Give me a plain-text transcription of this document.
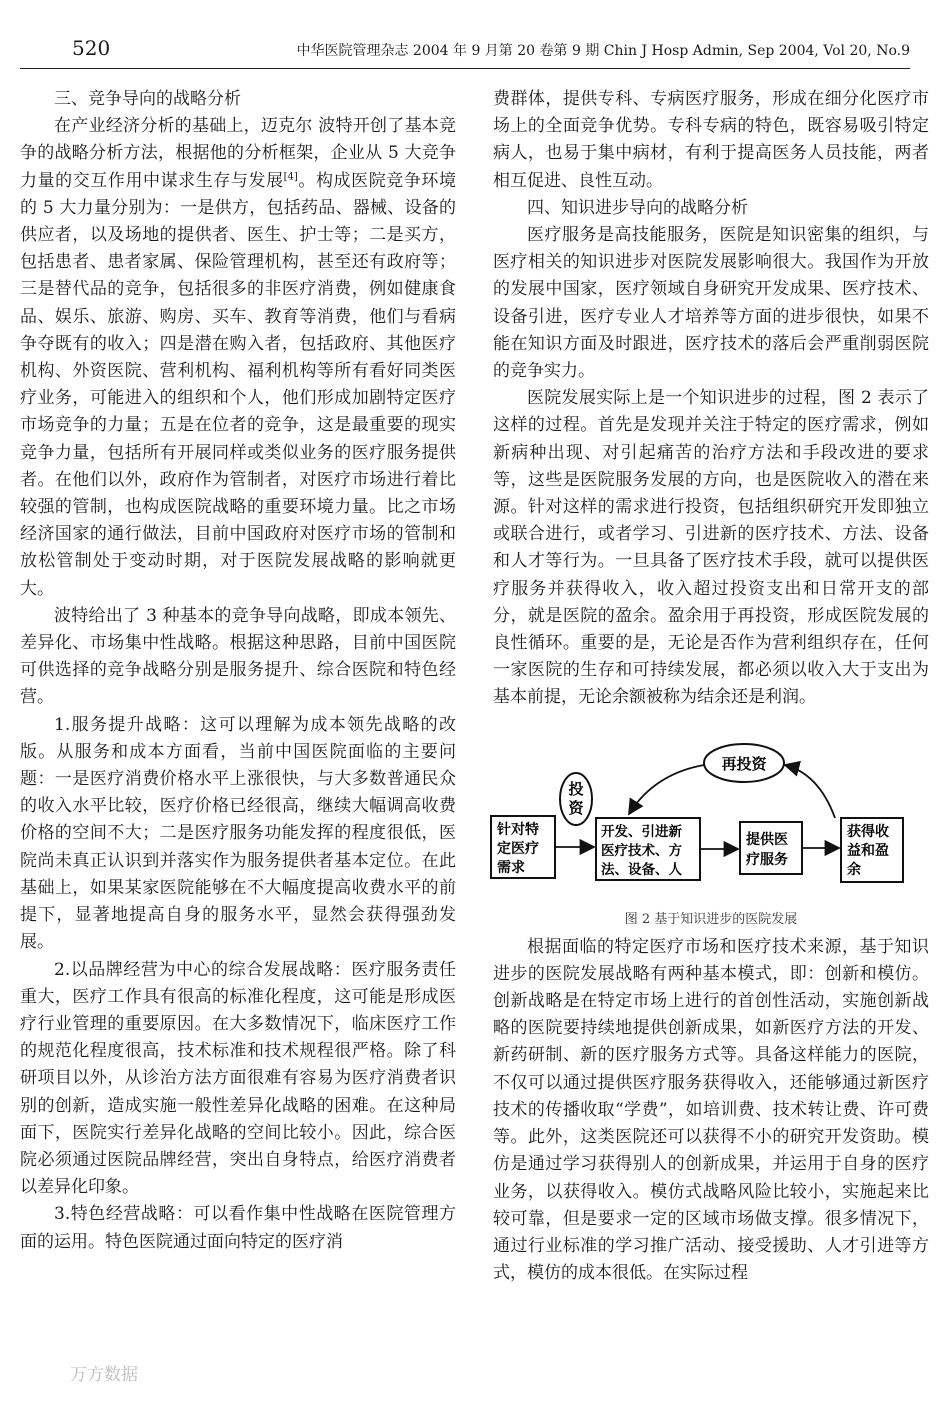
520	中华医院管理杂志 2004 年 9 月第 20 卷第 9 期 Chin J Hosp Admin, Sep 2004, Vol 20, No.9
三、竞争导向的战略分析

在产业经济分析的基础上，迈克尔 波特开创了基本竞争的战略分析方法，根据他的分析框架，企业从 5 大竞争力量的交互作用中谋求生存与发展[4]。构成医院竞争环境的 5 大力量分别为：一是供方，包括药品、器械、设备的供应者，以及场地的提供者、医生、护士等；二是买方，包括患者、患者家属、保险管理机构，甚至还有政府等；三是替代品的竞争，包括很多的非医疗消费，例如健康食品、娱乐、旅游、购房、买车、教育等消费，他们与看病争夺既有的收入；四是潜在购入者，包括政府、其他医疗机构、外资医院、营利机构、福利机构等所有看好同类医疗业务，可能进入的组织和个人，他们形成加剧特定医疗市场竞争的力量；五是在位者的竞争，这是最重要的现实竞争力量，包括所有开展同样或类似业务的医疗服务提供者。在他们以外，政府作为管制者，对医疗市场进行着比较强的管制，也构成医院战略的重要环境力量。比之市场经济国家的通行做法，目前中国政府对医疗市场的管制和放松管制处于变动时期，对于医院发展战略的影响就更大。

波特给出了 3 种基本的竞争导向战略，即成本领先、差异化、市场集中性战略。根据这种思路，目前中国医院可供选择的竞争战略分别是服务提升、综合医院和特色经营。

1.服务提升战略：这可以理解为成本领先战略的改版。从服务和成本方面看，当前中国医院面临的主要问题：一是医疗消费价格水平上涨很快，与大多数普通民众的收入水平比较，医疗价格已经很高，继续大幅调高收费价格的空间不大；二是医疗服务功能发挥的程度很低，医院尚未真正认识到并落实作为服务提供者基本定位。在此基础上，如果某家医院能够在不大幅度提高收费水平的前提下，显著地提高自身的服务水平，显然会获得强劲发展。

2.以品牌经营为中心的综合发展战略：医疗服务责任重大，医疗工作具有很高的标准化程度，这可能是形成医疗行业管理的重要原因。在大多数情况下，临床医疗工作的规范化程度很高，技术标准和技术规程很严格。除了科研项目以外，从诊治方法方面很难有容易为医疗消费者识别的创新，造成实施一般性差异化战略的困难。在这种局面下，医院实行差异化战略的空间比较小。因此，综合医院必须通过医院品牌经营，突出自身特点，给医疗消费者以差异化印象。

3.特色经营战略：可以看作集中性战略在医院管理方面的运用。特色医院通过面向特定的医疗消

费群体，提供专科、专病医疗服务，形成在细分化医疗市场上的全面竞争优势。专科专病的特色，既容易吸引特定病人，也易于集中病材，有利于提高医务人员技能，两者相互促进、良性互动。

四、知识进步导向的战略分析

医疗服务是高技能服务，医院是知识密集的组织，与医疗相关的知识进步对医院发展影响很大。我国作为开放的发展中国家，医疗领域自身研究开发成果、医疗技术、设备引进，医疗专业人才培养等方面的进步很快，如果不能在知识方面及时跟进，医疗技术的落后会严重削弱医院的竞争实力。

医院发展实际上是一个知识进步的过程，图 2 表示了这样的过程。首先是发现并关注于特定的医疗需求，例如新病种出现、对引起痛苦的治疗方法和手段改进的要求等，这些是医院服务发展的方向，也是医院收入的潜在来源。针对这样的需求进行投资，包括组织研究开发即独立或联合进行，或者学习、引进新的医疗技术、方法、设备和人才等行为。一旦具备了医疗技术手段，就可以提供医疗服务并获得收入，收入超过投资支出和日常开支的部分，就是医院的盈余。盈余用于再投资，形成医院发展的良性循环。重要的是，无论是否作为营利组织存在，任何一家医院的生存和可持续发展，都必须以收入大于支出为基本前提，无论余额被称为结余还是利润。

再投资
投
资
针对特
定医疗
需求
开发、引进新
医疗技术、方
法、设备、人
提供医
疗服务
获得收
益和盈
余
图 2 基于知识进步的医院发展

根据面临的特定医疗市场和医疗技术来源，基于知识进步的医院发展战略有两种基本模式，即：创新和模仿。创新战略是在特定市场上进行的首创性活动，实施创新战略的医院要持续地提供创新成果，如新医疗方法的开发、新药研制、新的医疗服务方式等。具备这样能力的医院，不仅可以通过提供医疗服务获得收入，还能够通过新医疗技术的传播收取“学费”，如培训费、技术转让费、许可费等。此外，这类医院还可以获得不小的研究开发资助。模仿是通过学习获得别人的创新成果，并运用于自身的医疗业务，以获得收入。模仿式战略风险比较小，实施起来比较可靠，但是要求一定的区域市场做支撑。很多情况下，通过行业标准的学习推广活动、接受援助、人才引进等方式，模仿的成本很低。在实际过程

万方数据
